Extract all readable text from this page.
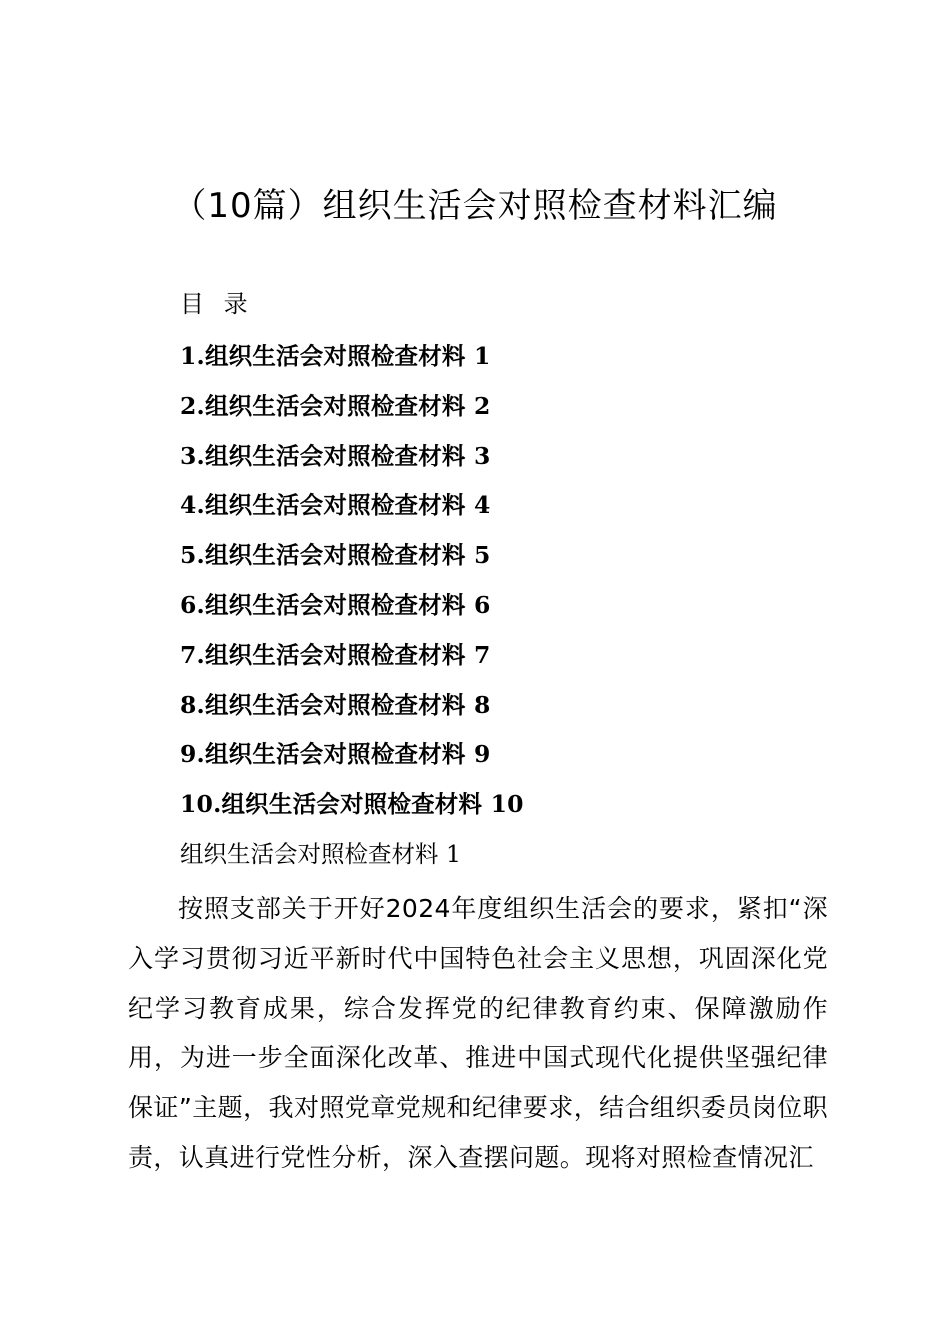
（10篇）组织生活会对照检查材料汇编
目 录
1.组织生活会对照检查材料 1
2.组织生活会对照检查材料 2
3.组织生活会对照检查材料 3
4.组织生活会对照检查材料 4
5.组织生活会对照检查材料 5
6.组织生活会对照检查材料 6
7.组织生活会对照检查材料 7
8.组织生活会对照检查材料 8
9.组织生活会对照检查材料 9
10.组织生活会对照检查材料 10
组织生活会对照检查材料 1

按照支部关于开好2024年度组织生活会的要求，紧扣“深入学习贯彻习近平新时代中国特色社会主义思想，巩固深化党纪学习教育成果，综合发挥党的纪律教育约束、保障激励作用，为进一步全面深化改革、推进中国式现代化提供坚强纪律保证”主题，我对照党章党规和纪律要求，结合组织委员岗位职责，认真进行党性分析，深入查摆问题。现将对照检查情况汇
